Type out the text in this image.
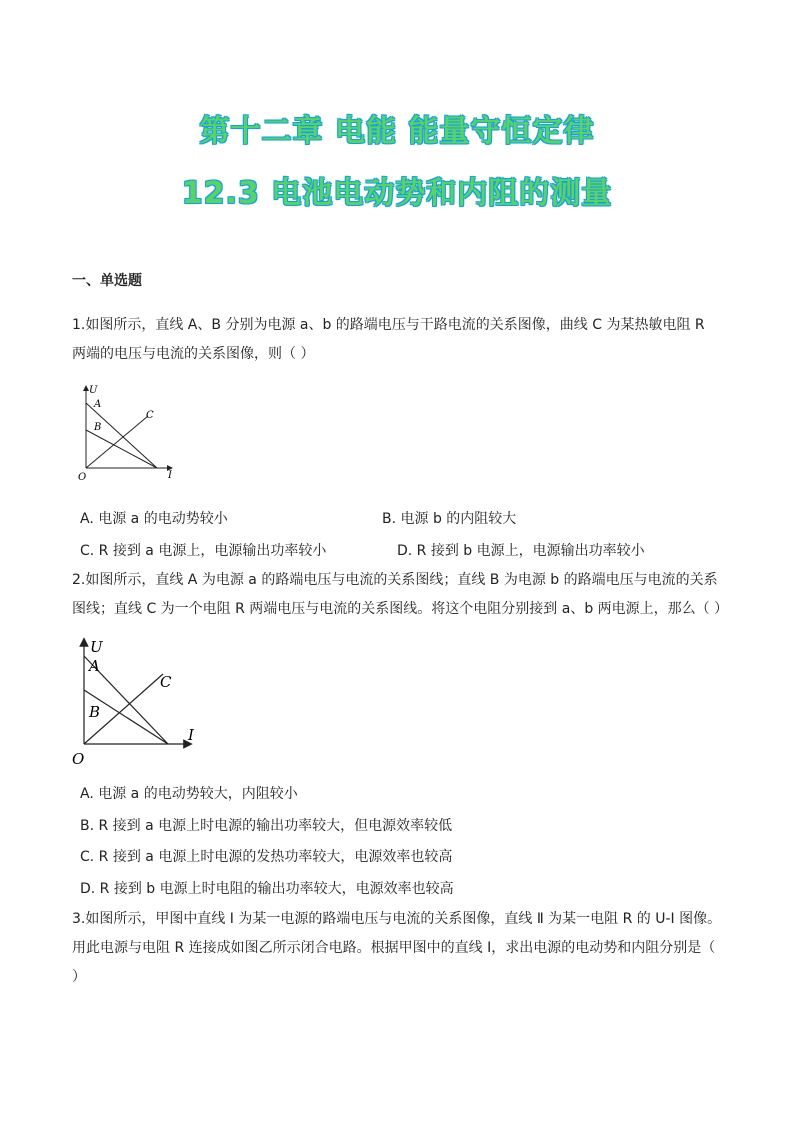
第十二章 电能 能量守恒定律
12.3 电池电动势和内阻的测量
一、单选题
1.如图所示，直线 A、B 分别为电源 a、b 的路端电压与干路电流的关系图像，曲线 C 为某热敏电阻 R 两端的电压与电流的关系图像，则（ ）
U
A
B
C
O	I
A. 电源 a 的电动势较小	B. 电源 b 的内阻较大
C. R 接到 a 电源上，电源输出功率较小	D. R 接到 b 电源上，电源输出功率较小
2.如图所示，直线 A 为电源 a 的路端电压与电流的关系图线；直线 B 为电源 b 的路端电压与电流的关系图线；直线 C 为一个电阻 R 两端电压与电流的关系图线。将这个电阻分别接到 a、b 两电源上，那么（ ）
U
A
B
C
O
I
A. 电源 a 的电动势较大，内阻较小
B. R 接到 a 电源上时电源的输出功率较大，但电源效率较低
C. R 接到 a 电源上时电源的发热功率较大，电源效率也较高
D. R 接到 b 电源上时电阻的输出功率较大，电源效率也较高
3.如图所示，甲图中直线 Ⅰ 为某一电源的路端电压与电流的关系图像，直线 Ⅱ 为某一电阻 R 的 U-I 图像。用此电源与电阻 R 连接成如图乙所示闭合电路。根据甲图中的直线 Ⅰ，求出电源的电动势和内阻分别是（ ）
